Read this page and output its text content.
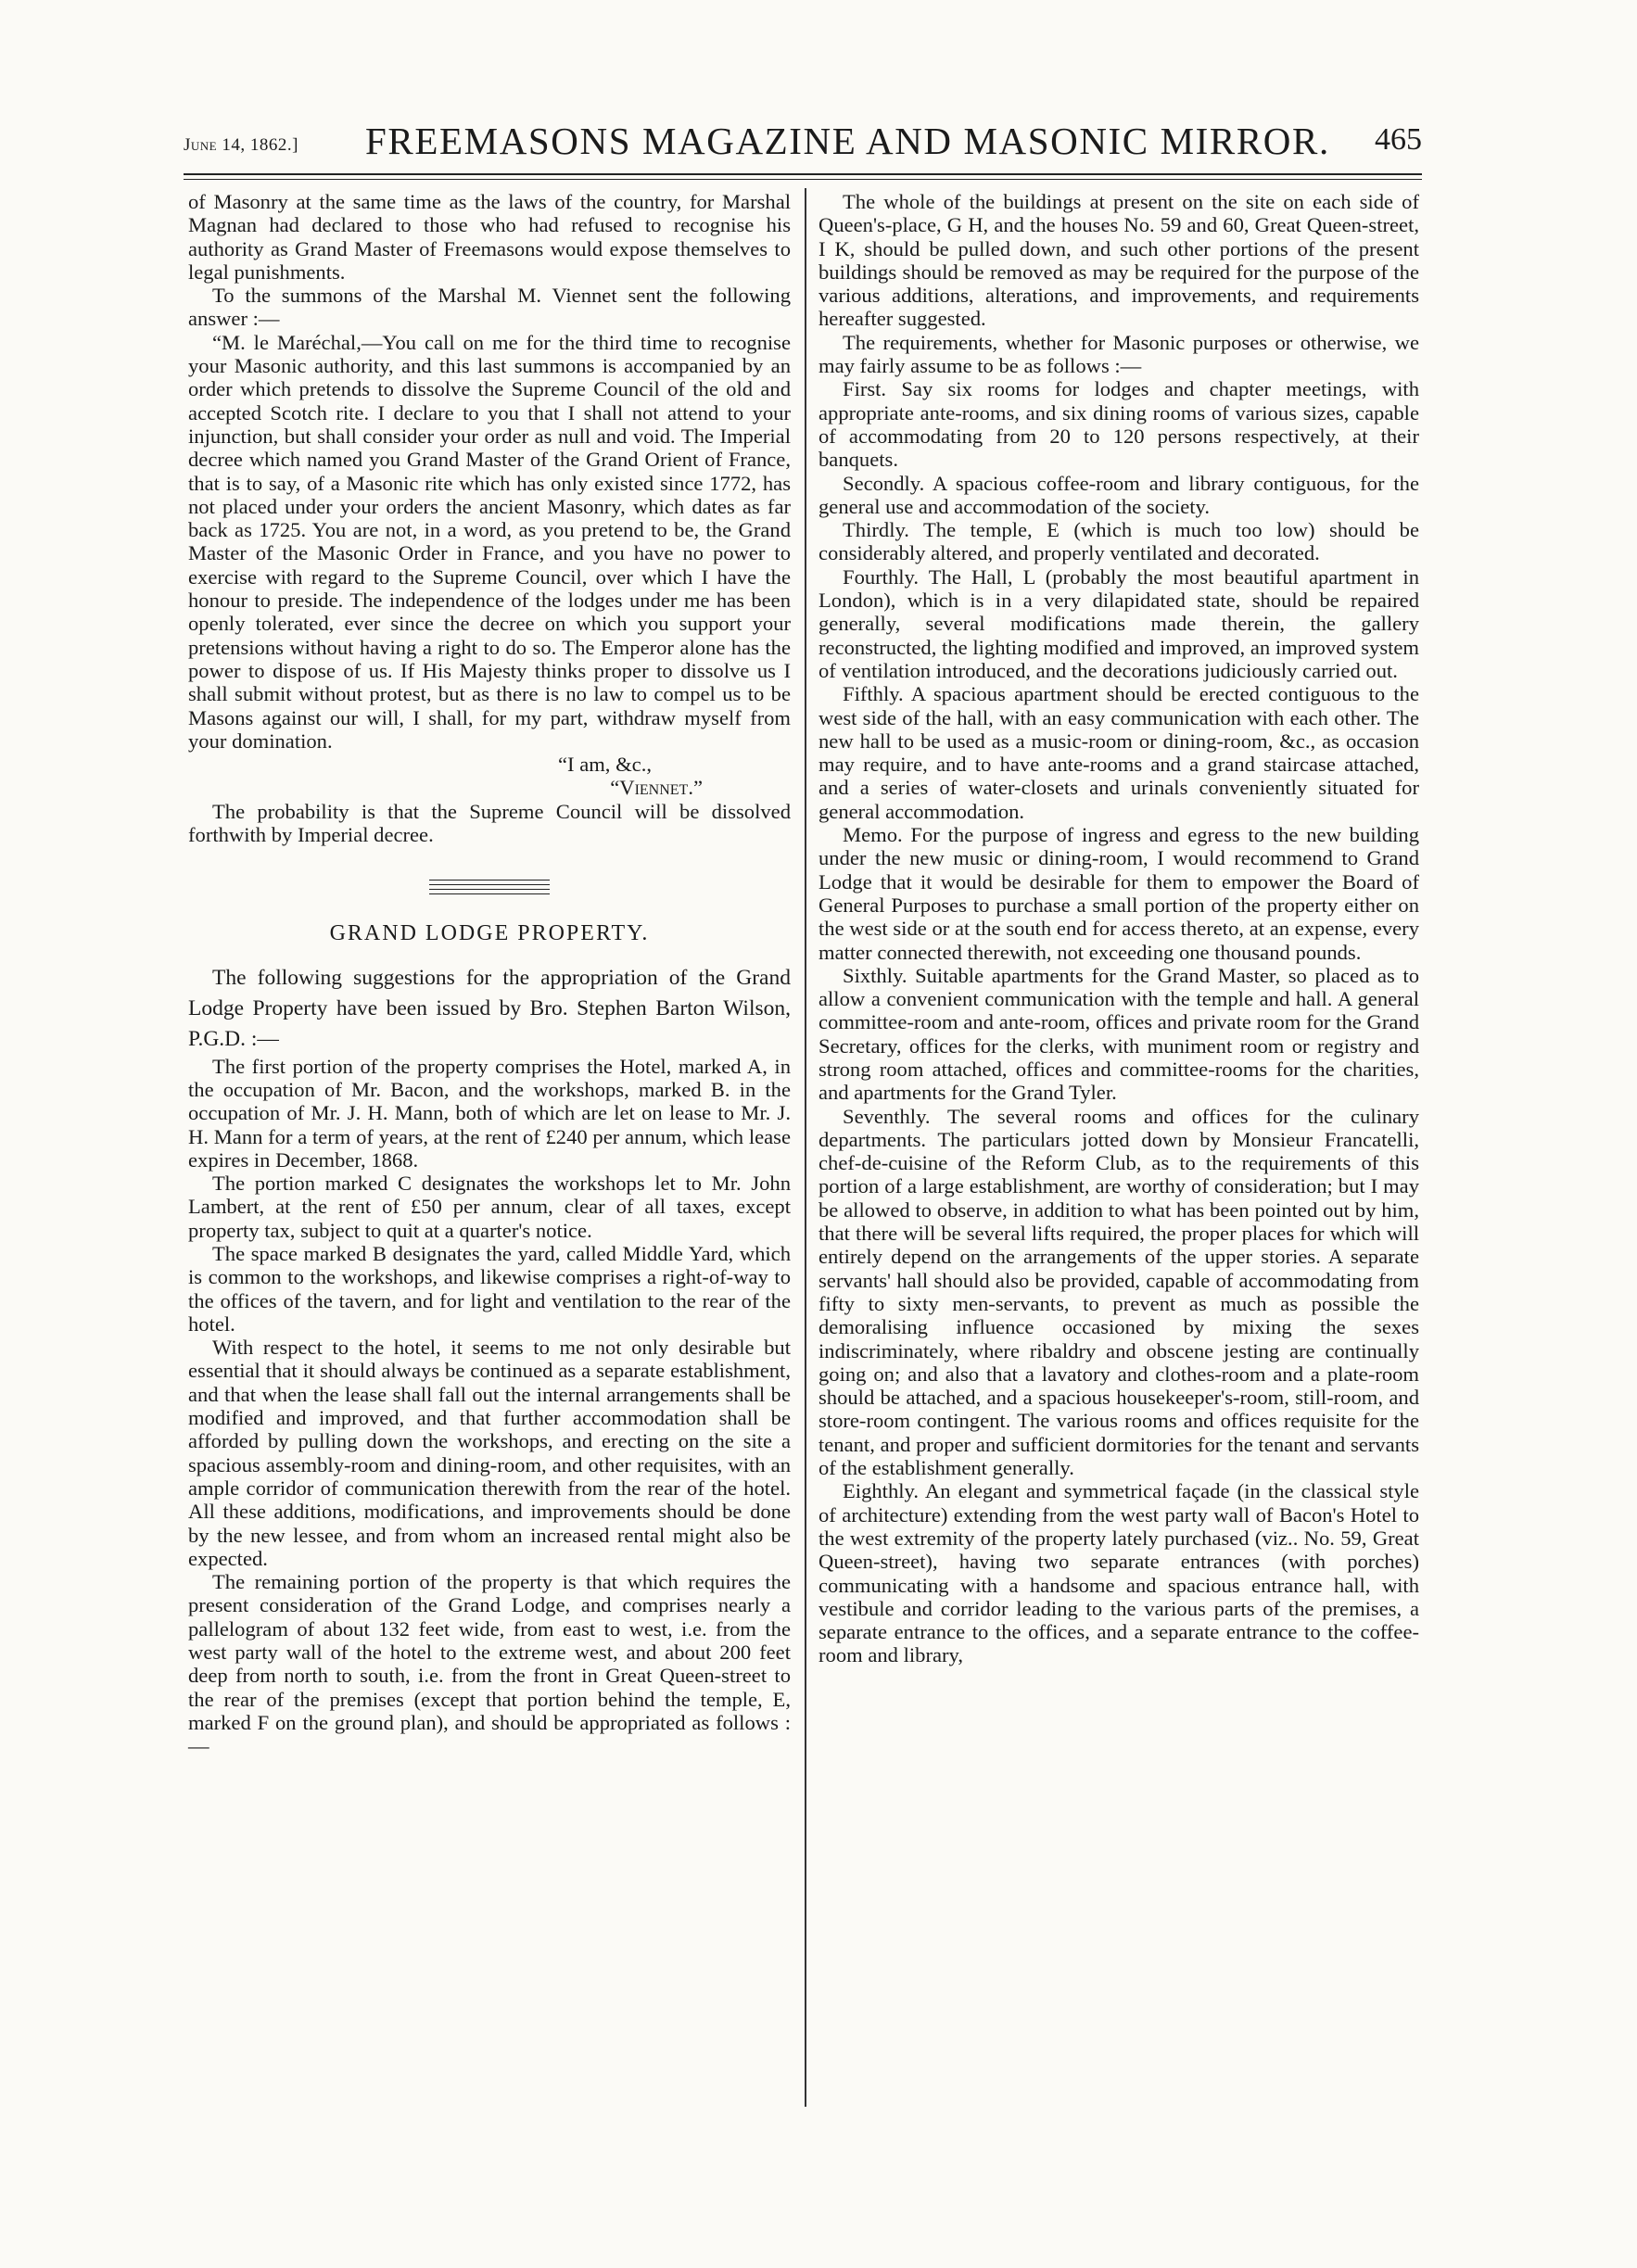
June 14, 1862.] FREEMASONS MAGAZINE AND MASONIC MIRROR. 465

of Masonry at the same time as the laws of the country, for Marshal Magnan had declared to those who had refused to recognise his authority as Grand Master of Freemasons would expose themselves to legal punishments.

To the summons of the Marshal M. Viennet sent the following answer :—

“M. le Maréchal,—You call on me for the third time to recognise your Masonic authority, and this last summons is accompanied by an order which pretends to dissolve the Supreme Council of the old and accepted Scotch rite. I declare to you that I shall not attend to your injunction, but shall consider your order as null and void. The Imperial decree which named you Grand Master of the Grand Orient of France, that is to say, of a Masonic rite which has only existed since 1772, has not placed under your orders the ancient Masonry, which dates as far back as 1725. You are not, in a word, as you pretend to be, the Grand Master of the Masonic Order in France, and you have no power to exercise with regard to the Supreme Council, over which I have the honour to preside. The independence of the lodges under me has been openly tolerated, ever since the decree on which you support your pretensions without having a right to do so. The Emperor alone has the power to dispose of us. If His Majesty thinks proper to dissolve us I shall submit without protest, but as there is no law to compel us to be Masons against our will, I shall, for my part, withdraw myself from your domination.

“I am, &c.,

“Viennet.”

The probability is that the Supreme Council will be dissolved forthwith by Imperial decree.

GRAND LODGE PROPERTY.

The following suggestions for the appropriation of the Grand Lodge Property have been issued by Bro. Stephen Barton Wilson, P.G.D. :—

The first portion of the property comprises the Hotel, marked A, in the occupation of Mr. Bacon, and the workshops, marked B. in the occupation of Mr. J. H. Mann, both of which are let on lease to Mr. J. H. Mann for a term of years, at the rent of £240 per annum, which lease expires in December, 1868.

The portion marked C designates the workshops let to Mr. John Lambert, at the rent of £50 per annum, clear of all taxes, except property tax, subject to quit at a quarter's notice.

The space marked B designates the yard, called Middle Yard, which is common to the workshops, and likewise comprises a right-of-way to the offices of the tavern, and for light and ventilation to the rear of the hotel.

With respect to the hotel, it seems to me not only desirable but essential that it should always be continued as a separate establishment, and that when the lease shall fall out the internal arrangements shall be modified and improved, and that further accommodation shall be afforded by pulling down the workshops, and erecting on the site a spacious assembly-room and dining-room, and other requisites, with an ample corridor of communication therewith from the rear of the hotel. All these additions, modifications, and improvements should be done by the new lessee, and from whom an increased rental might also be expected.

The remaining portion of the property is that which requires the present consideration of the Grand Lodge, and comprises nearly a pallelogram of about 132 feet wide, from east to west, i.e. from the west party wall of the hotel to the extreme west, and about 200 feet deep from north to south, i.e. from the front in Great Queen-street to the rear of the premises (except that portion behind the temple, E, marked F on the ground plan), and should be appropriated as follows :—

The whole of the buildings at present on the site on each side of Queen's-place, G H, and the houses No. 59 and 60, Great Queen-street, I K, should be pulled down, and such other portions of the present buildings should be removed as may be required for the purpose of the various additions, alterations, and improvements, and requirements hereafter suggested.

The requirements, whether for Masonic purposes or otherwise, we may fairly assume to be as follows :—

First. Say six rooms for lodges and chapter meetings, with appropriate ante-rooms, and six dining rooms of various sizes, capable of accommodating from 20 to 120 persons respectively, at their banquets.

Secondly. A spacious coffee-room and library contiguous, for the general use and accommodation of the society.

Thirdly. The temple, E (which is much too low) should be considerably altered, and properly ventilated and decorated.

Fourthly. The Hall, L (probably the most beautiful apartment in London), which is in a very dilapidated state, should be repaired generally, several modifications made therein, the gallery reconstructed, the lighting modified and improved, an improved system of ventilation introduced, and the decorations judiciously carried out.

Fifthly. A spacious apartment should be erected contiguous to the west side of the hall, with an easy communication with each other. The new hall to be used as a music-room or dining-room, &c., as occasion may require, and to have ante-rooms and a grand staircase attached, and a series of water-closets and urinals conveniently situated for general accommodation.

Memo. For the purpose of ingress and egress to the new building under the new music or dining-room, I would recommend to Grand Lodge that it would be desirable for them to empower the Board of General Purposes to purchase a small portion of the property either on the west side or at the south end for access thereto, at an expense, every matter connected therewith, not exceeding one thousand pounds.

Sixthly. Suitable apartments for the Grand Master, so placed as to allow a convenient communication with the temple and hall. A general committee-room and ante-room, offices and private room for the Grand Secretary, offices for the clerks, with muniment room or registry and strong room attached, offices and committee-rooms for the charities, and apartments for the Grand Tyler.

Seventhly. The several rooms and offices for the culinary departments. The particulars jotted down by Monsieur Francatelli, chef-de-cuisine of the Reform Club, as to the requirements of this portion of a large establishment, are worthy of consideration; but I may be allowed to observe, in addition to what has been pointed out by him, that there will be several lifts required, the proper places for which will entirely depend on the arrangements of the upper stories. A separate servants' hall should also be provided, capable of accommodating from fifty to sixty men-servants, to prevent as much as possible the demoralising influence occasioned by mixing the sexes indiscriminately, where ribaldry and obscene jesting are continually going on; and also that a lavatory and clothes-room and a plate-room should be attached, and a spacious housekeeper's-room, still-room, and store-room contingent. The various rooms and offices requisite for the tenant, and proper and sufficient dormitories for the tenant and servants of the establishment generally.

Eighthly. An elegant and symmetrical façade (in the classical style of architecture) extending from the west party wall of Bacon's Hotel to the west extremity of the property lately purchased (viz.. No. 59, Great Queen-street), having two separate entrances (with porches) communicating with a handsome and spacious entrance hall, with vestibule and corridor leading to the various parts of the premises, a separate entrance to the offices, and a separate entrance to the coffee-room and library,
